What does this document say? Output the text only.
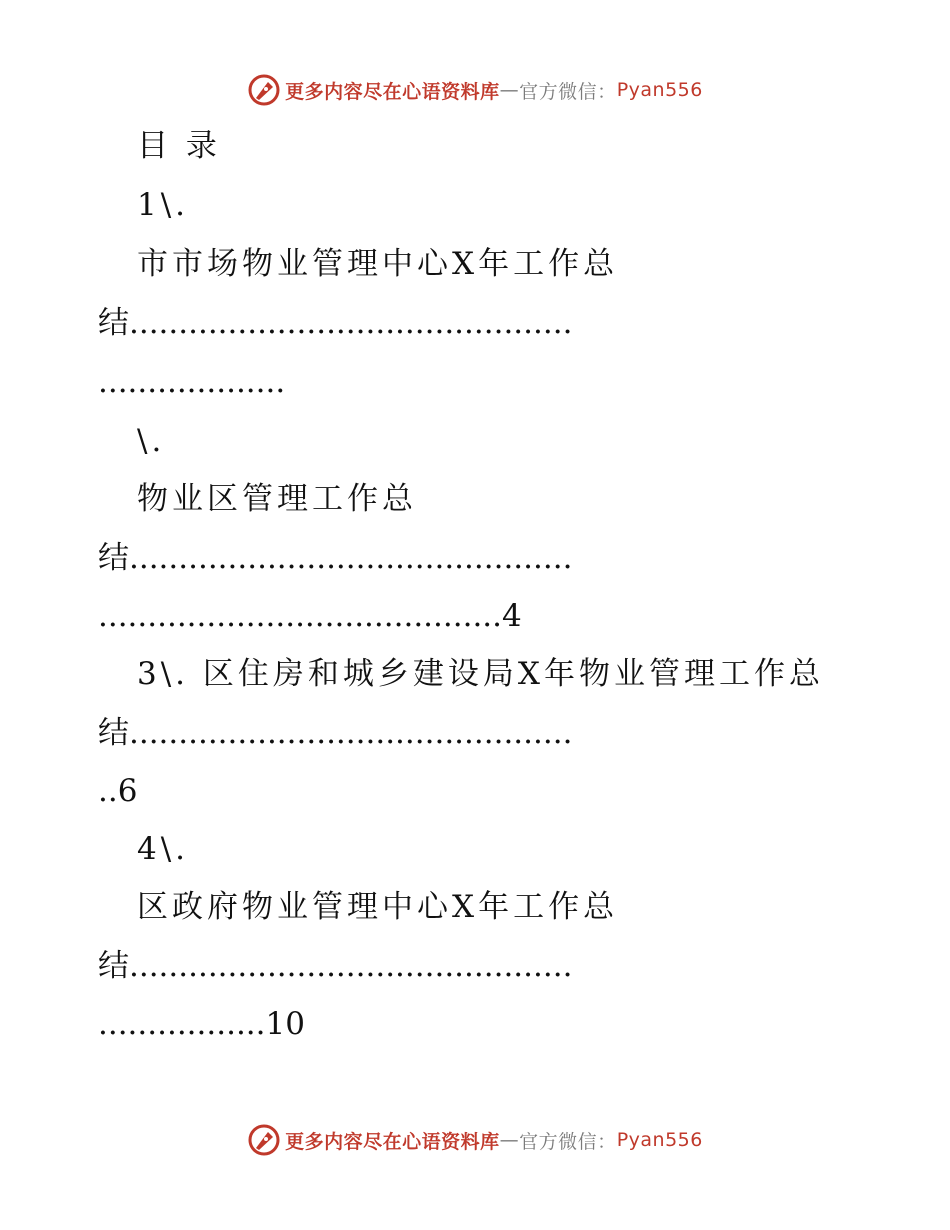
更多内容尽在心语资料库 — 官方微信： Pyan556
目 录
1\.
市市场物业管理中心X年工作总
结.............................................
...................
\.
物业区管理工作总
结.............................................
.........................................4
3\. 区住房和城乡建设局X年物业管理工作总
结.............................................
..6
4\.
区政府物业管理中心X年工作总
结.............................................
.................10
更多内容尽在心语资料库 — 官方微信： Pyan556
